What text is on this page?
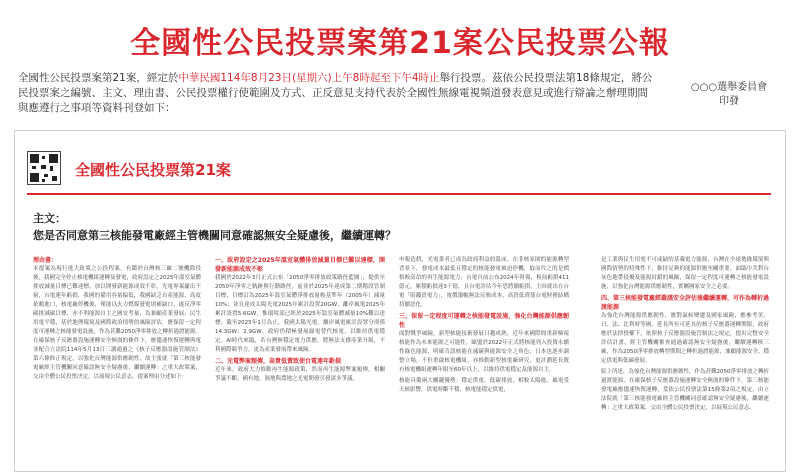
全國性公民投票案第21案公民投票公報
全國性公民投票案第21案，經定於中華民國114年8月23日(星期六)上午8時起至下午4時止舉行投票。茲依公民投票法第18條規定，將公民投票案之編號、主文、理由書、公民投票權行使範圍及方式、正反意見支持代表於全國性無線電視頻道發表意見或進行辯論之辦理期間與應遵行之事項等資料刊登如下：
○○○選舉委員會
印發
全國性公民投票第21案
主文：
您是否同意第三核能發電廠經主管機關同意確認無安全疑慮後，繼續運轉？
理由書：

本提案為現行進大政策之公投程案。有鑑於台灣核三廠二號機除役後，我國完全停止核電機組運轉及發電，政府設定之2025年溫室氣體排放減量目標已難達標，加以開發新能源成效不彰，光電專案屢出不窮，台電連年虧損，我國的備用容量偏低，我國缺乏自產能源，高度依賴進口，核電廠停機後，僅能以火力燃煤發電填補缺口，遂反淨零碳排減碳目標，亦不利能源自主之國安考量，為兼顧產業發展、民生用電平穩，基於地理環境及國際政治情勢的風險評估，應保留一定程度可運轉之核能發電設施，作為甚難2050淨零排放之轉折過渡能源。在確保核子反應器設施運轉安全無虞的條件下，應儘速恢復運轉與電並配合立法院114年5月13日三讀通過之《核子反應器設施管制法》第六條修正規定，以強化台灣能源供應韌性，故主張就「第三核能發電廠經主管機關同意確認無安全疑慮後，繼續運轉」之重大政策案，交由全體公民投票決定，以展現公民意志，提案理由分述如下：

一、政府設定之2025年溫室氣體排放減量目標已難以達標，開發新能源成效不彰

我國於2022年3月正式公布「2050淨零排放政策路徑藍圖」，提供至2050年淨零之軌跡與行動路徑，前並於2025年達成第二期階段管制目標，目標訂為2025年溫室氣體淨排放量較基準年（2005年）減量10%；並且達成太陽光電2025年累計設置20GW、離岸風電2025年累計設置5.6GW，惟環境部已經於2025年溫室氣體減量10%難以達標；截至2025年1月為止，我國太陽光電、離岸風電累計設置分別僅14.3GW、2.9GW，政府仍積極發展綠電替代核電，以維持供電穩定。AI時代來臨，若台灣無穩定電力供應，將無法支撐產業升級，不利國際競爭力，更為產業發展帶來風險。

二、光電弊案頻傳，高貴低賣致使台電連年虧損

近年來，政府大力推動再生能源政策，然而再生能源弊案頻傳，相關爭議不斷，國有地、濕地與農地之光電開發引發諸多爭議，

申報造假，光電業者已成為政商利益的溫床。在非核家園的能源轉型背景下，發電成本最低且穩定的核能發電被迫停機，取而代之的是價格較高昂的再生能源電力；台電自前公布2024年財報，稅前虧損411億元，累積虧損達3千億，且台電評估今年恐將續虧損，主因就出在台電「賠錢買電力」，電價漲幅無法反映成本，高買低賣使台電財務結構持續惡化。

三、保留一定程度可運轉之核能發電設施，強化台灣能源供應韌性

面對戰爭風險，新型核能技術發展日趨成熟，近年來國際間重新檢視核能作為未來能源之可能性，歐盟於2022年正式將核能列入投資永續性綠色能源，明確肯認核能在減碳與能源安全之角色；日本也逐步調整立場，不但重啟核電機組，亦推動新型核電廠研究，更計劃延長既有核電機組運轉年限至60年以上，以維持供電穩定及能源自主。

核能具備兩大關鍵優勢：穩定供電、低碳排放，相較太陽能、風電受天候影響，供電時斷不穩，核電能穩定供電，

是工業與民生用電不可或缺的基載電力能源，台灣在全球地緣環境與國際情勢的特殊性下，維持足夠的能源供應至關重要，面臨中共對台灰色地帶侵擾及能源封鎖的風險，保留一定程度可運轉之核能發電設施，以強化台灣能源供應韌性，實屬國家安全之必要。

四、第三核能發電廠經嚴謹安全評估後繼續運轉，可作為轉折過渡能源

為強化台灣能源供應韌性，應對氣候變遷及國家風險，應參考美、日、法、比利時等國，延長所有可延長的核子反應器運轉期限，政府應於法律授權下，依照核子反應器設施管制法之規定，提出完整安全評估計畫，經主管機關審查通過確認無安全疑慮後，繼續運轉核三廠，作為2050淨零排放轉型期間之轉折過渡能源，兼顧能源安全、穩定供電與低碳發展。

綜上所述，為強化台灣能源供應韌性，作為甚難2050淨零排放之轉折過渡能源，在確保核子反應器設施運轉安全無虞的條件下，第三核能發電廠應儘速恢復運轉，爰依公民投票法第15條第2項之規定，由立法院就「第三核能發電廠經主管機關同意確認無安全疑慮後，繼續運轉」之重大政策案，交由全體公民投票決定，以展現公民意志。
